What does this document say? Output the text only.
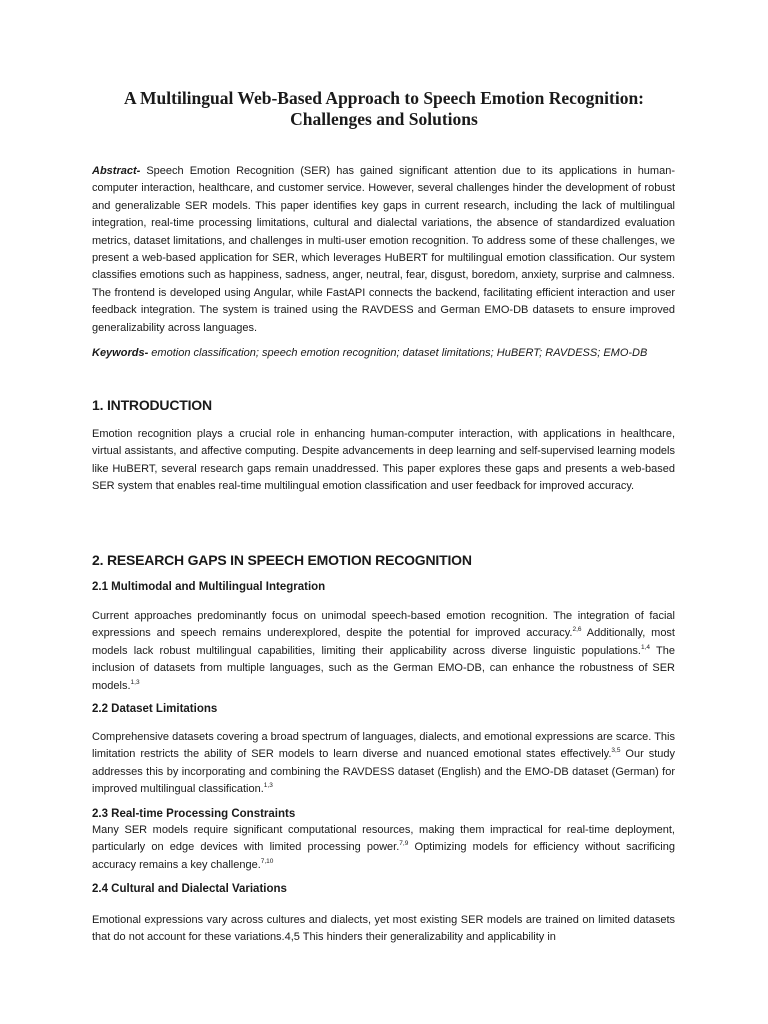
A Multilingual Web-Based Approach to Speech Emotion Recognition:
Challenges and Solutions

Abstract- Speech Emotion Recognition (SER) has gained significant attention due to its applications in human-computer interaction, healthcare, and customer service. However, several challenges hinder the development of robust and generalizable SER models. This paper identifies key gaps in current research, including the lack of multilingual integration, real-time processing limitations, cultural and dialectal variations, the absence of standardized evaluation metrics, dataset limitations, and challenges in multi-user emotion recognition. To address some of these challenges, we present a web-based application for SER, which leverages HuBERT for multilingual emotion classification. Our system classifies emotions such as happiness, sadness, anger, neutral, fear, disgust, boredom, anxiety, surprise and calmness. The frontend is developed using Angular, while FastAPI connects the backend, facilitating efficient interaction and user feedback integration. The system is trained using the RAVDESS and German EMO-DB datasets to ensure improved generalizability across languages.

Keywords- emotion classification; speech emotion recognition; dataset limitations; HuBERT; RAVDESS; EMO-DB

1. INTRODUCTION

Emotion recognition plays a crucial role in enhancing human-computer interaction, with applications in healthcare, virtual assistants, and affective computing. Despite advancements in deep learning and self-supervised learning models like HuBERT, several research gaps remain unaddressed. This paper explores these gaps and presents a web-based SER system that enables real-time multilingual emotion classification and user feedback for improved accuracy.

2. RESEARCH GAPS IN SPEECH EMOTION RECOGNITION
2.1 Multimodal and Multilingual Integration

Current approaches predominantly focus on unimodal speech-based emotion recognition. The integration of facial expressions and speech remains underexplored, despite the potential for improved accuracy.$^{2,6}$ Additionally, most models lack robust multilingual capabilities, limiting their applicability across diverse linguistic populations.$^{1,4}$ The inclusion of datasets from multiple languages, such as the German EMO-DB, can enhance the robustness of SER models.$^{1,3}$

2.2 Dataset Limitations

Comprehensive datasets covering a broad spectrum of languages, dialects, and emotional expressions are scarce. This limitation restricts the ability of SER models to learn diverse and nuanced emotional states effectively.$^{3,5}$ Our study addresses this by incorporating and combining the RAVDESS dataset (English) and the EMO-DB dataset (German) for improved multilingual classification.$^{1,3}$

2.3 Real-time Processing Constraints

Many SER models require significant computational resources, making them impractical for real-time deployment, particularly on edge devices with limited processing power.$^{7,9}$ Optimizing models for efficiency without sacrificing accuracy remains a key challenge.$^{7,10}$

2.4 Cultural and Dialectal Variations

Emotional expressions vary across cultures and dialects, yet most existing SER models are trained on limited datasets that do not account for these variations.4,5 This hinders their generalizability and applicability in
